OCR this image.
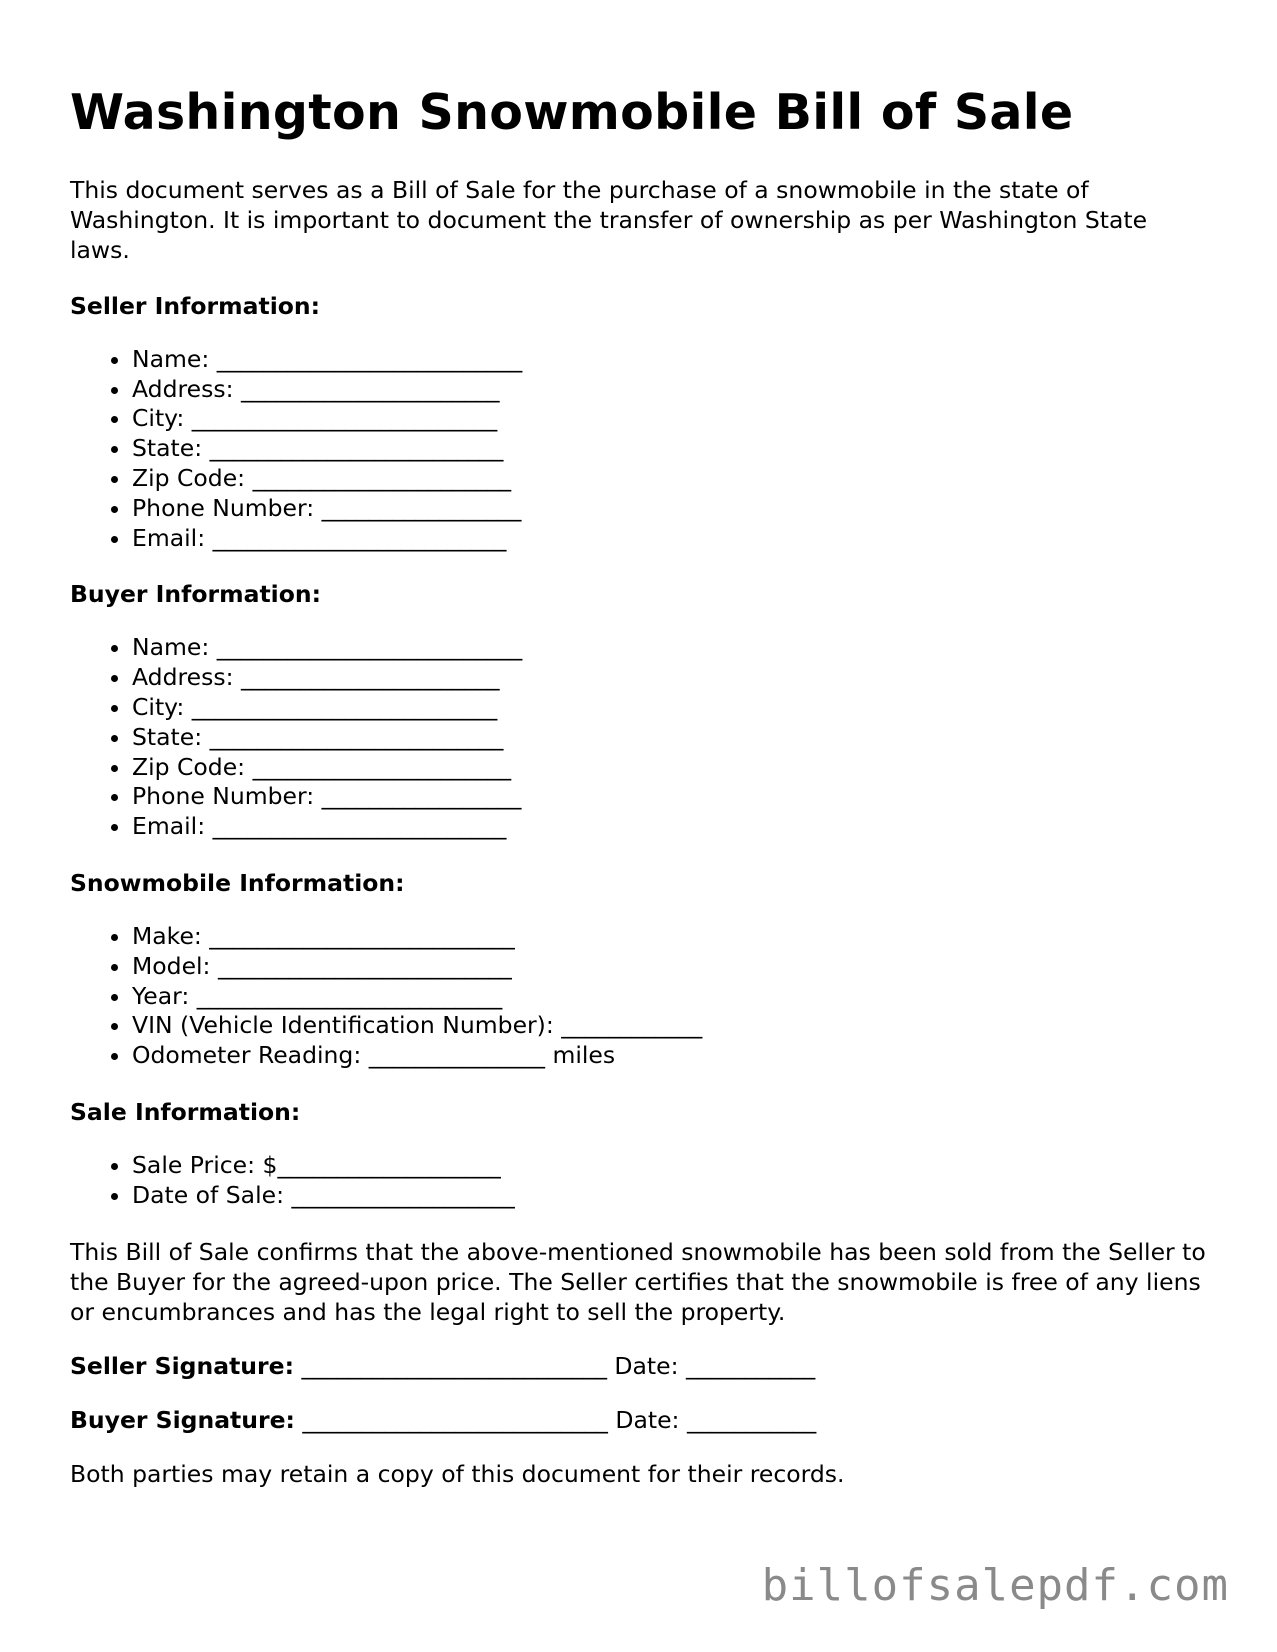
Washington Snowmobile Bill of Sale

This document serves as a Bill of Sale for the purchase of a snowmobile in the state of Washington. It is important to document the transfer of ownership as per Washington State laws.

Seller Information:
• Name: __________________________
• Address: ______________________
• City: __________________________
• State: _________________________
• Zip Code: ______________________
• Phone Number: _________________
• Email: _________________________
Buyer Information:
• Name: __________________________
• Address: ______________________
• City: __________________________
• State: _________________________
• Zip Code: ______________________
• Phone Number: _________________
• Email: _________________________
Snowmobile Information:
• Make: __________________________
• Model: _________________________
• Year: __________________________
• VIN (Vehicle Identification Number): ____________
• Odometer Reading: _______________ miles
Sale Information:
• Sale Price: $___________________
• Date of Sale: ___________________

This Bill of Sale confirms that the above-mentioned snowmobile has been sold from the Seller to the Buyer for the agreed-upon price. The Seller certifies that the snowmobile is free of any liens or encumbrances and has the legal right to sell the property.

Seller Signature: __________________________ Date: ___________
Buyer Signature: __________________________ Date: ___________

Both parties may retain a copy of this document for their records.

billofsalepdf.com
